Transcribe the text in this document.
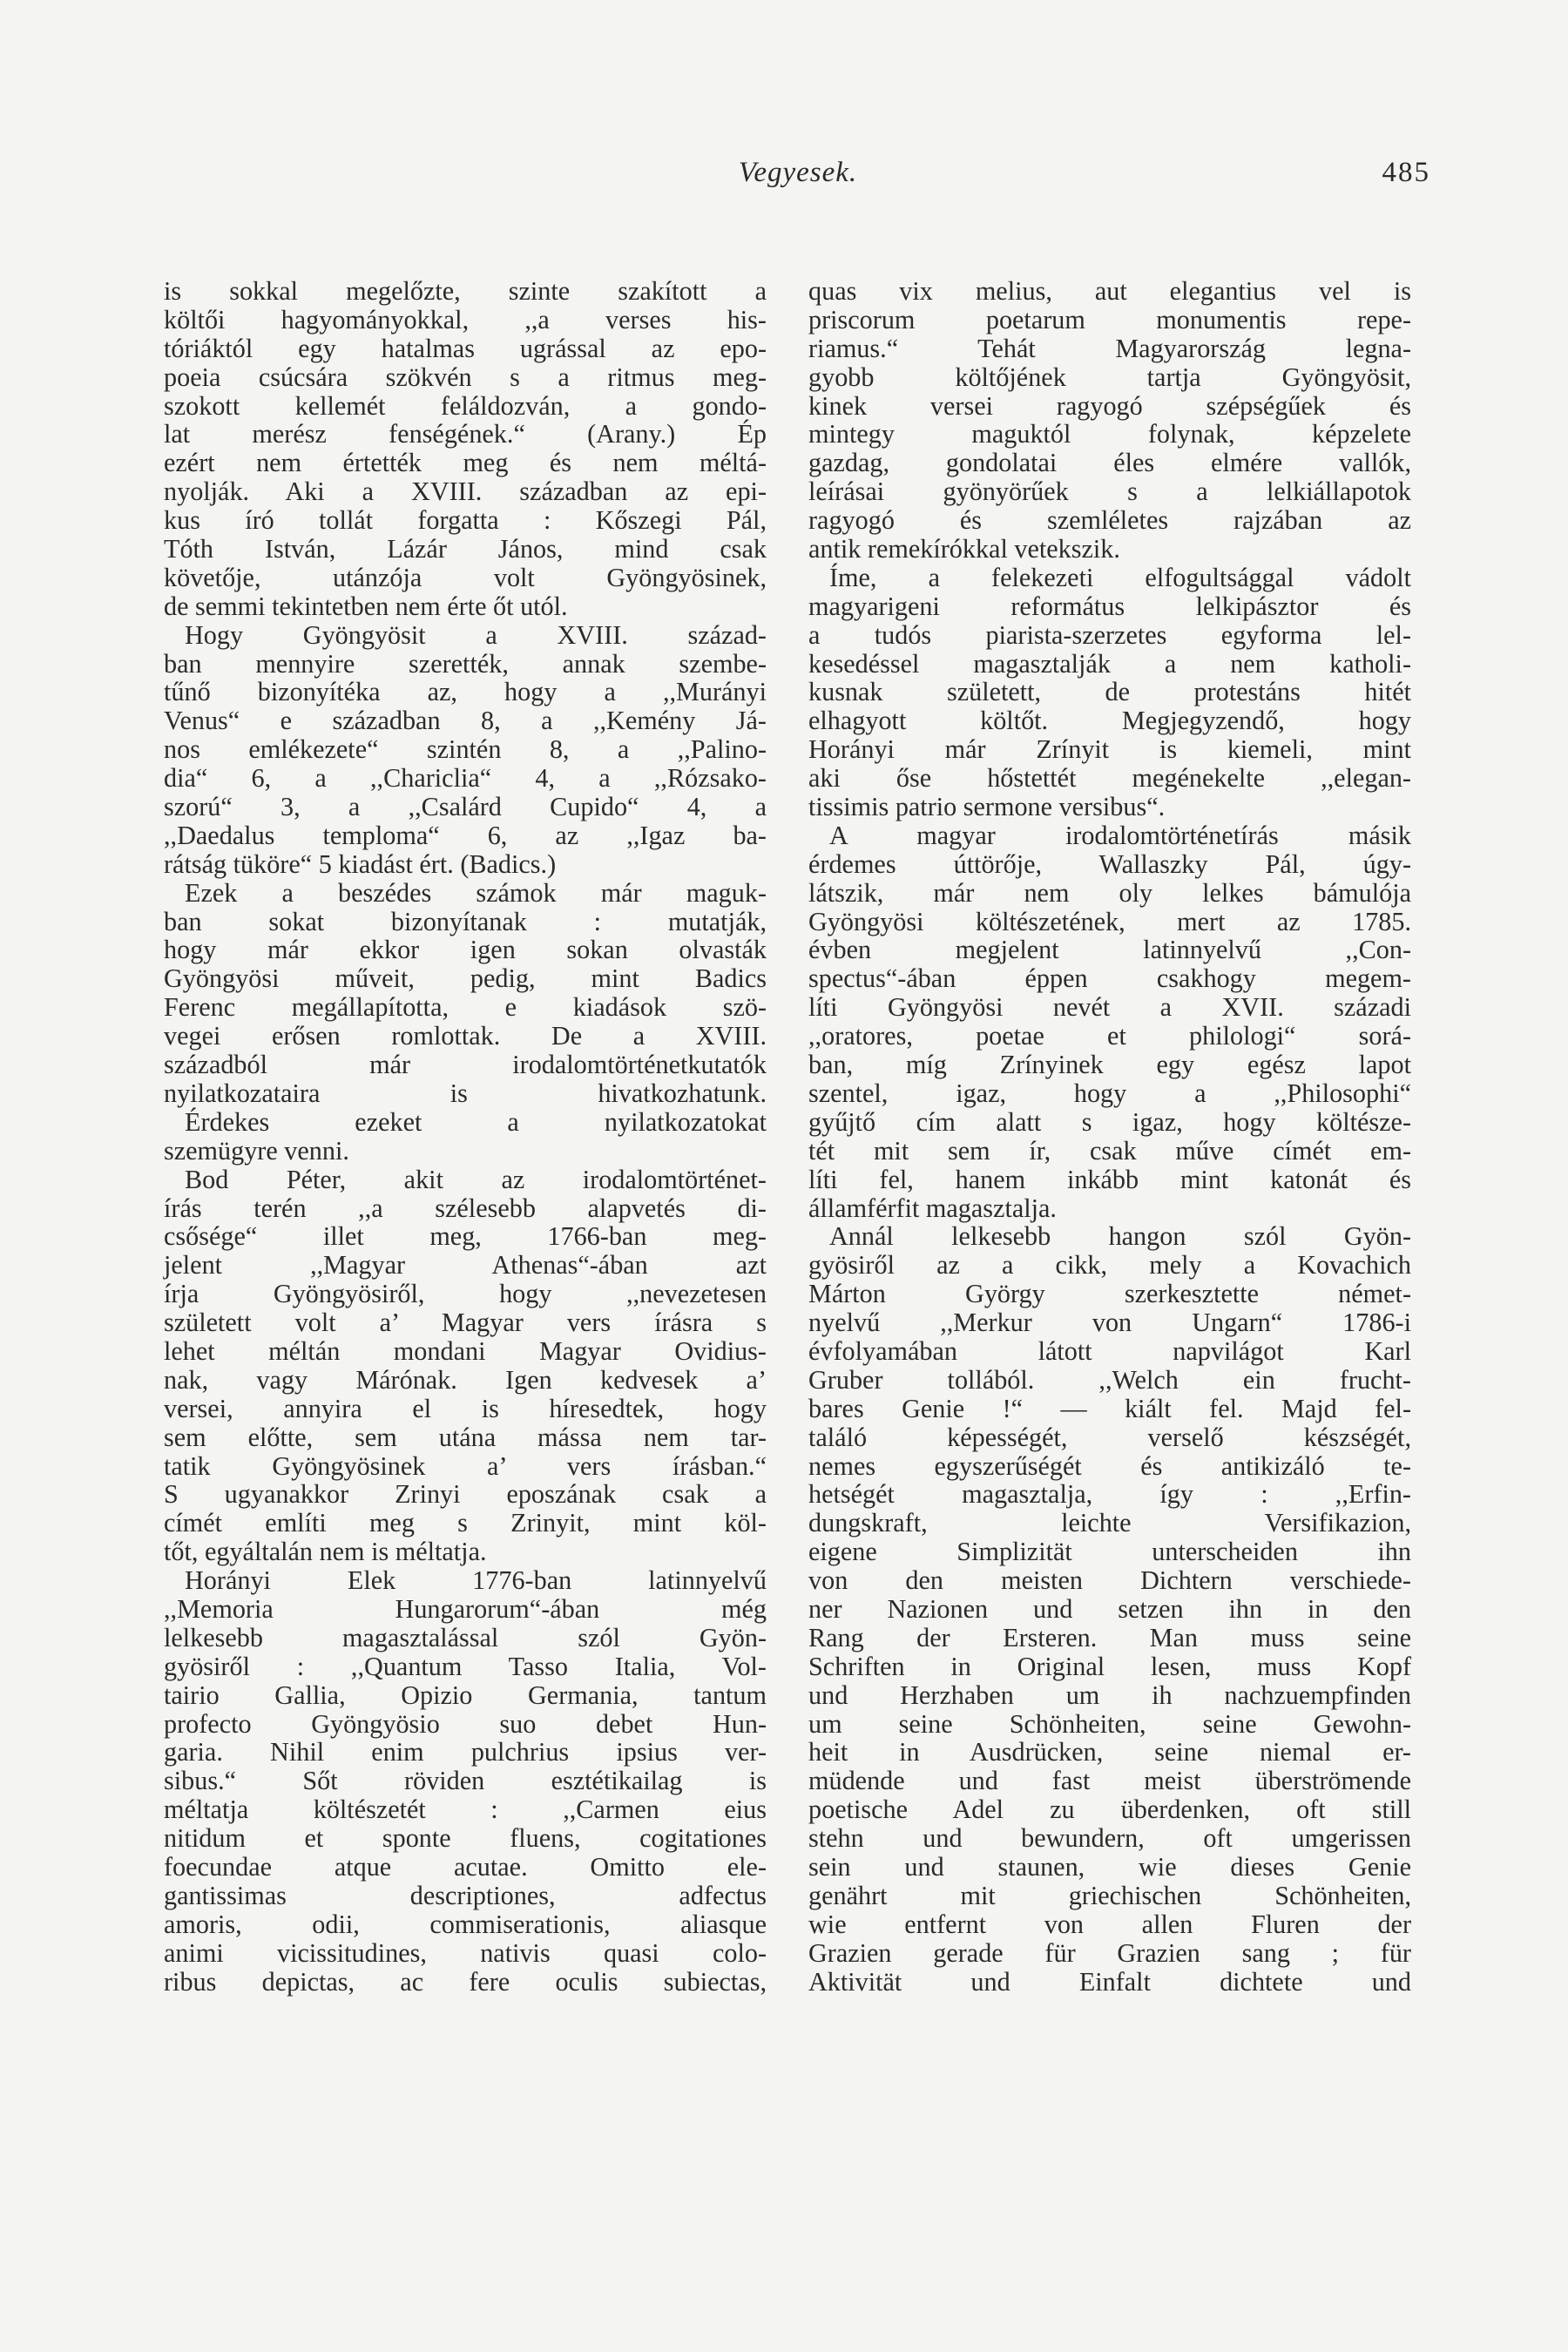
Vegyesek.	485
is sokkal megelőzte, szinte szakított a
költői hagyományokkal, ,,a verses his-
tóriáktól egy hatalmas ugrással az epo-
poeia csúcsára szökvén s a ritmus meg-
szokott kellemét feláldozván, a gondo-
lat merész fenségének.“ (Arany.) Ép
ezért nem értették meg és nem méltá-
nyolják. Aki a XVIII. században az epi-
kus író tollát forgatta : Kőszegi Pál,
Tóth István, Lázár János, mind csak
követője, utánzója volt Gyöngyösinek,
de semmi tekintetben nem érte őt utól.
Hogy Gyöngyösit a XVIII. század-
ban mennyire szerették, annak szembe-
tűnő bizonyítéka az, hogy a ,,Murányi
Venus“ e században 8, a ,,Kemény Já-
nos emlékezete“ szintén 8, a ,,Palino-
dia“ 6, a ,,Chariclia“ 4, a ,,Rózsako-
szorú“ 3, a ,,Csalárd Cupido“ 4, a
,,Daedalus temploma“ 6, az ,,Igaz ba-
rátság tüköre“ 5 kiadást ért. (Badics.)
Ezek a beszédes számok már maguk-
ban sokat bizonyítanak : mutatják,
hogy már ekkor igen sokan olvasták
Gyöngyösi műveit, pedig, mint Badics
Ferenc megállapította, e kiadások szö-
vegei erősen romlottak. De a XVIII.
századból már irodalomtörténetkutatók
nyilatkozataira is hivatkozhatunk.
Érdekes ezeket a nyilatkozatokat
szemügyre venni.
Bod Péter, akit az irodalomtörténet-
írás terén ,,a szélesebb alapvetés di-
csősége“ illet meg, 1766-ban meg-
jelent ,,Magyar Athenas“-ában azt
írja Gyöngyösiről, hogy ,,nevezetesen
született volt a’ Magyar vers írásra s
lehet méltán mondani Magyar Ovidius-
nak, vagy Márónak. Igen kedvesek a’
versei, annyira el is híresedtek, hogy
sem előtte, sem utána mássa nem tar-
tatik Gyöngyösinek a’ vers írásban.“
S ugyanakkor Zrinyi eposzának csak a
címét említi meg s Zrinyit, mint köl-
tőt, egyáltalán nem is méltatja.
Horányi Elek 1776-ban latinnyelvű
,,Memoria Hungarorum“-ában még
lelkesebb magasztalással szól Gyön-
gyösiről : ,,Quantum Tasso Italia, Vol-
tairio Gallia, Opizio Germania, tantum
profecto Gyöngyösio suo debet Hun-
garia. Nihil enim pulchrius ipsius ver-
sibus.“ Sőt röviden esztétikailag is
méltatja költészetét : ,,Carmen eius
nitidum et sponte fluens, cogitationes
foecundae atque acutae. Omitto ele-
gantissimas descriptiones, adfectus
amoris, odii, commiserationis, aliasque
animi vicissitudines, nativis quasi colo-
ribus depictas, ac fere oculis subiectas,
quas vix melius, aut elegantius vel is
priscorum poetarum monumentis repe-
riamus.“ Tehát Magyarország legna-
gyobb költőjének tartja Gyöngyösit,
kinek versei ragyogó szépségűek és
mintegy maguktól folynak, képzelete
gazdag, gondolatai éles elmére vallók,
leírásai gyönyörűek s a lelkiállapotok
ragyogó és szemléletes rajzában az
antik remekírókkal vetekszik.
Íme, a felekezeti elfogultsággal vádolt
magyarigeni református lelkipásztor és
a tudós piarista-szerzetes egyforma lel-
kesedéssel magasztalják a nem katholi-
kusnak született, de protestáns hitét
elhagyott költőt. Megjegyzendő, hogy
Horányi már Zrínyit is kiemeli, mint
aki őse hőstettét megénekelte ,,elegan-
tissimis patrio sermone versibus“.
A magyar irodalomtörténetírás másik
érdemes úttörője, Wallaszky Pál, úgy-
látszik, már nem oly lelkes bámulója
Gyöngyösi költészetének, mert az 1785.
évben megjelent latinnyelvű ,,Con-
spectus“-ában éppen csakhogy megem-
líti Gyöngyösi nevét a XVII. századi
,,oratores, poetae et philologi“ sorá-
ban, míg Zrínyinek egy egész lapot
szentel, igaz, hogy a ,,Philosophi“
gyűjtő cím alatt s igaz, hogy költésze-
tét mit sem ír, csak műve címét em-
líti fel, hanem inkább mint katonát és
államférfit magasztalja.
Annál lelkesebb hangon szól Gyön-
gyösiről az a cikk, mely a Kovachich
Márton György szerkesztette német-
nyelvű ,,Merkur von Ungarn“ 1786-i
évfolyamában látott napvilágot Karl
Gruber tollából. ,,Welch ein frucht-
bares Genie !“ — kiált fel. Majd fel-
találó képességét, verselő készségét,
nemes egyszerűségét és antikizáló te-
hetségét magasztalja, így : ,,Erfin-
dungskraft, leichte Versifikazion,
eigene Simplizität unterscheiden ihn
von den meisten Dichtern verschiede-
ner Nazionen und setzen ihn in den
Rang der Ersteren. Man muss seine
Schriften in Original lesen, muss Kopf
und Herzhaben um ih nachzuempfinden
um seine Schönheiten, seine Gewohn-
heit in Ausdrücken, seine niemal er-
müdende und fast meist überströmende
poetische Adel zu überdenken, oft still
stehn und bewundern, oft umgerissen
sein und staunen, wie dieses Genie
genährt mit griechischen Schönheiten,
wie entfernt von allen Fluren der
Grazien gerade für Grazien sang ; für
Aktivität und Einfalt dichtete und
